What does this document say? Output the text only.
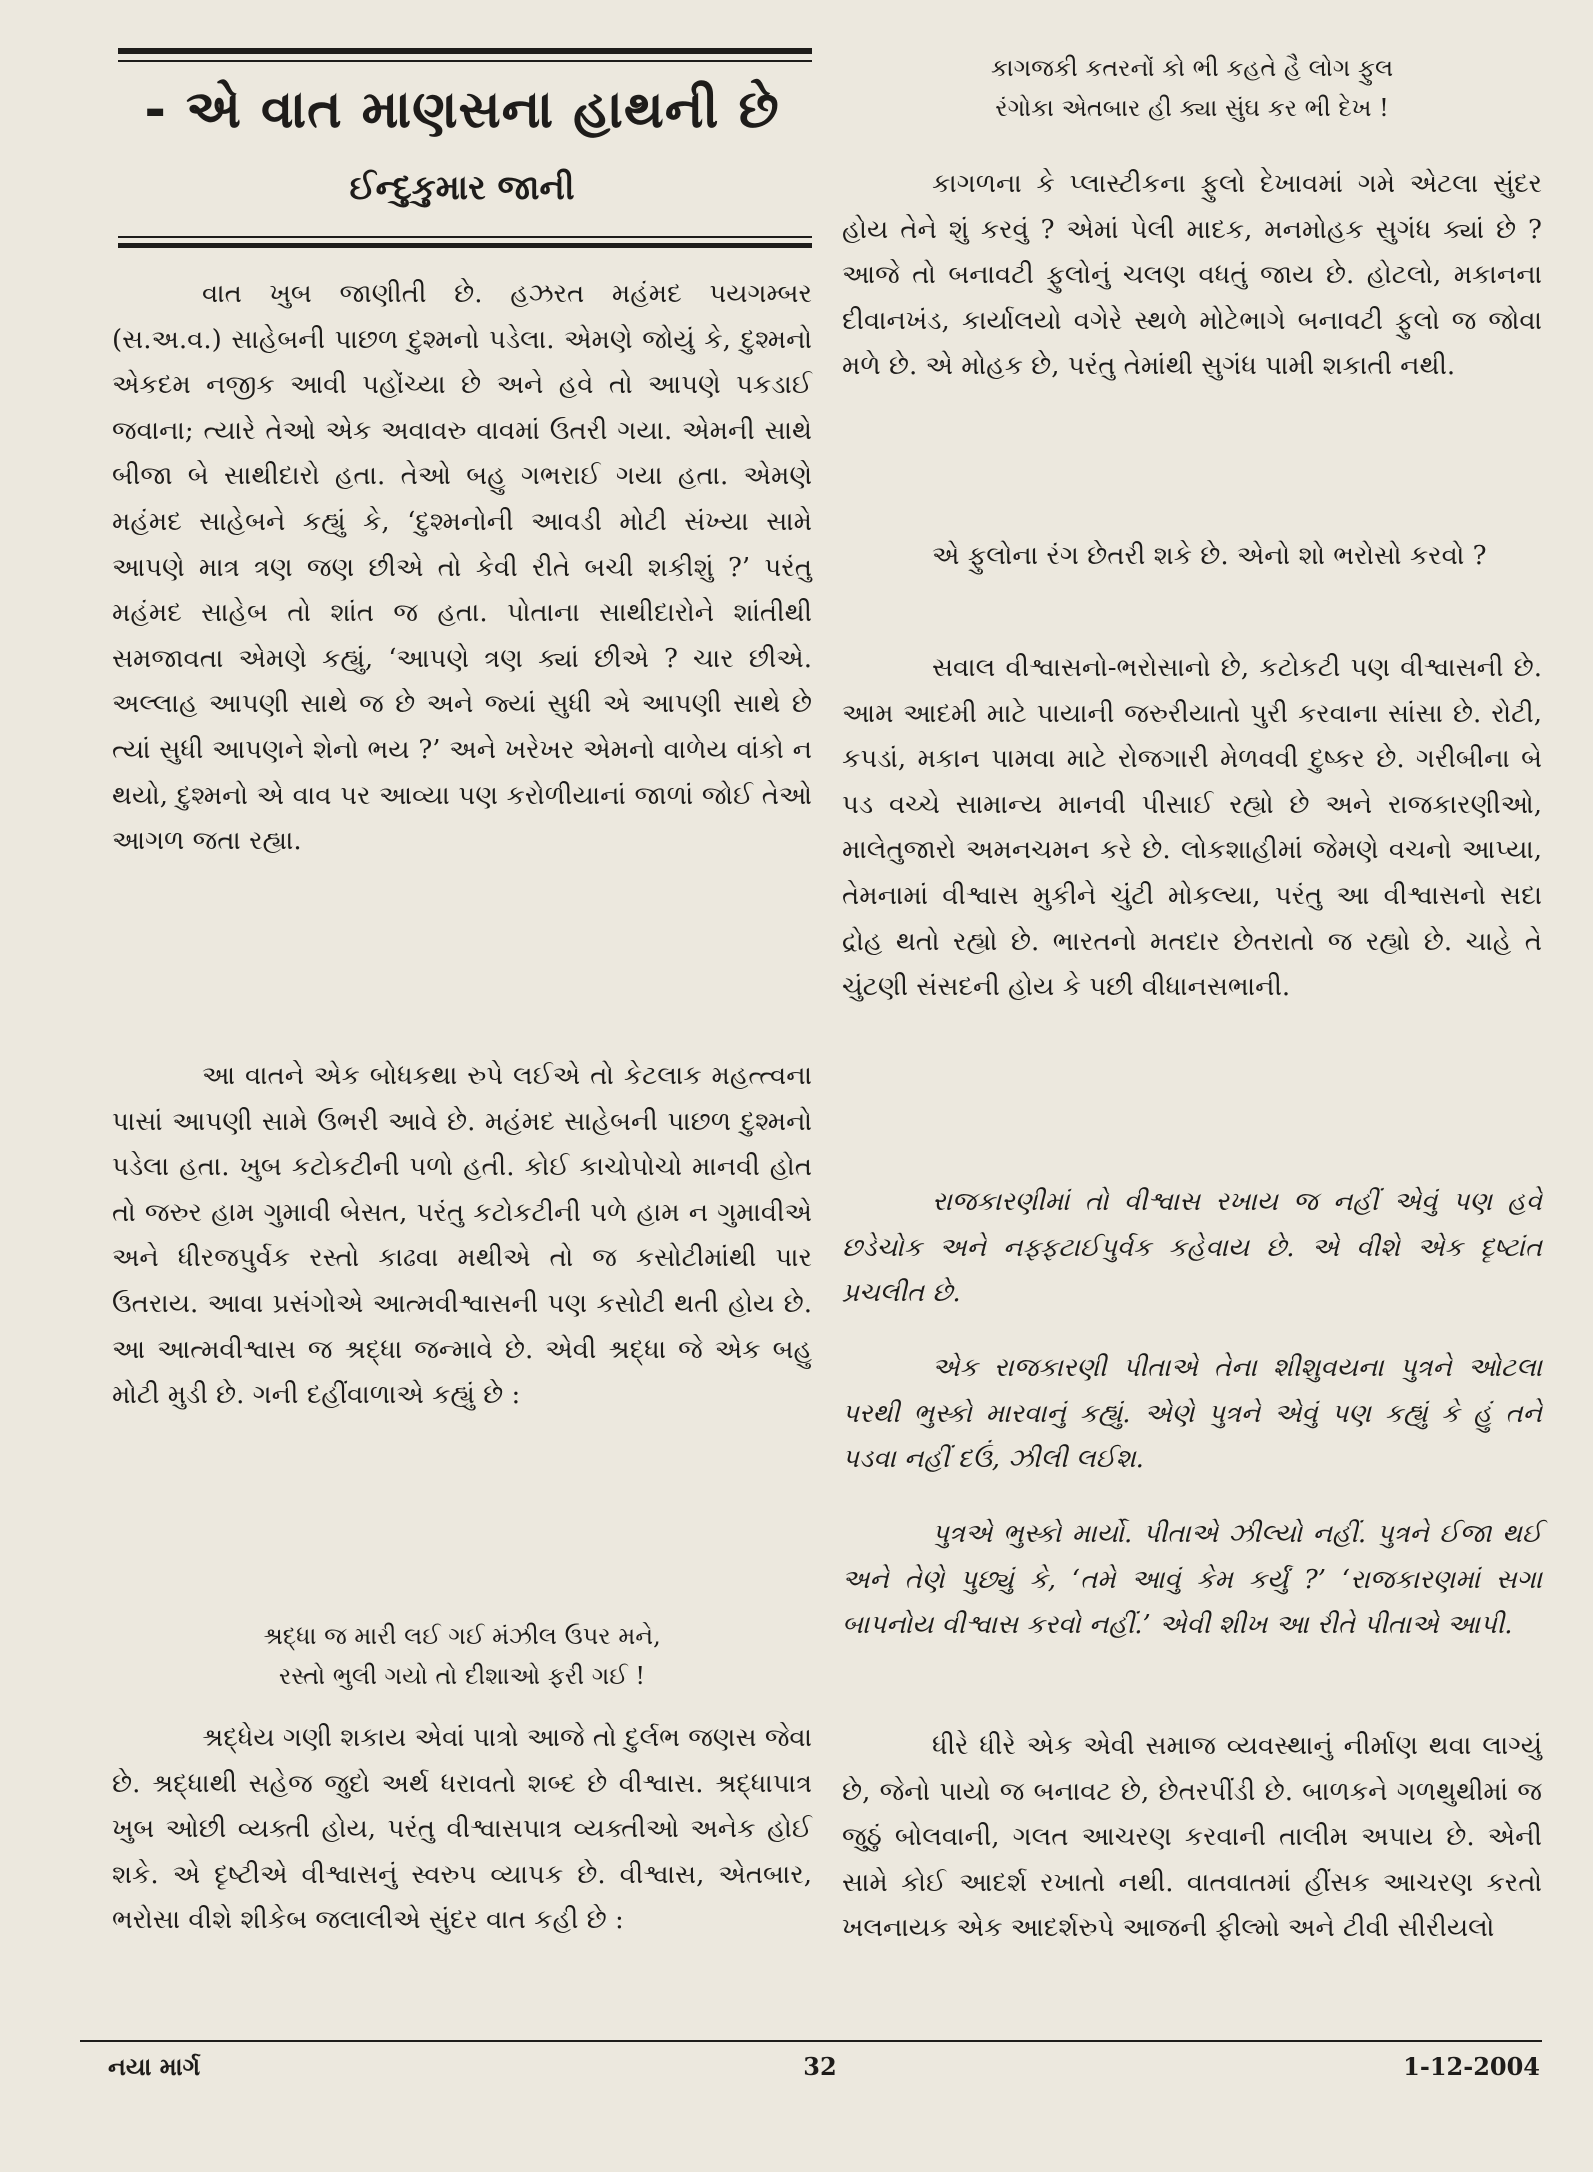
- એ વાત માણસના હાથની છે
ઈન્દુકુમાર જાની

વાત ખુબ જાણીતી છે. હઝરત મહંમદ પયગમ્બર (સ.અ.વ.) સાહેબની પાછળ દુશ્મનો પડેલા. એમણે જોયું કે, દુશ્મનો એકદમ નજીક આવી પહોંચ્યા છે અને હવે તો આપણે પકડાઈ જવાના; ત્યારે તેઓ એક અવાવરુ વાવમાં ઉતરી ગયા. એમની સાથે બીજા બે સાથીદારો હતા. તેઓ બહુ ગભરાઈ ગયા હતા. એમણે મહંમદ સાહેબને કહ્યું કે, ‘દુશ્મનોની આવડી મોટી સંખ્યા સામે આપણે માત્ર ત્રણ જણ છીએ તો કેવી રીતે બચી શકીશું ?’ પરંતુ મહંમદ સાહેબ તો શાંત જ હતા. પોતાના સાથીદારોને શાંતીથી સમજાવતા એમણે કહ્યું, ‘આપણે ત્રણ ક્યાં છીએ ? ચાર છીએ. અલ્લાહ આપણી સાથે જ છે અને જ્યાં સુધી એ આપણી સાથે છે ત્યાં સુધી આપણને શેનો ભય ?’ અને ખરેખર એમનો વાળેય વાંકો ન થયો, દુશ્મનો એ વાવ પર આવ્યા પણ કરોળીયાનાં જાળાં જોઈ તેઓ આગળ જતા રહ્યા.

આ વાતને એક બોધકથા રુપે લઈએ તો કેટલાક મહત્ત્વના પાસાં આપણી સામે ઉભરી આવે છે. મહંમદ સાહેબની પાછળ દુશ્મનો પડેલા હતા. ખુબ કટોકટીની પળો હતી. કોઈ કાચોપોચો માનવી હોત તો જરુર હામ ગુમાવી બેસત, પરંતુ કટોકટીની પળે હામ ન ગુમાવીએ અને ધીરજપુર્વક રસ્તો કાઢવા મથીએ તો જ કસોટીમાંથી પાર ઉતરાય. આવા પ્રસંગોએ આત્મવીશ્વાસની પણ કસોટી થતી હોય છે. આ આત્મવીશ્વાસ જ શ્રદ્ધા જન્માવે છે. એવી શ્રદ્ધા જે એક બહુ મોટી મુડી છે. ગની દહીંવાળાએ કહ્યું છે :

શ્રદ્ધા જ મારી લઈ ગઈ મંઝીલ ઉપર મને,
રસ્તો ભુલી ગયો તો દીશાઓ ફરી ગઈ !

શ્રદ્ધેય ગણી શકાય એવાં પાત્રો આજે તો દુર્લભ જણસ જેવા છે. શ્રદ્ધાથી સહેજ જુદો અર્થ ધરાવતો શબ્દ છે વીશ્વાસ. શ્રદ્ધાપાત્ર ખુબ ઓછી વ્યક્તી હોય, પરંતુ વીશ્વાસપાત્ર વ્યક્તીઓ અનેક હોઈ શકે. એ દૃષ્ટીએ વીશ્વાસનું સ્વરુપ વ્યાપક છે. વીશ્વાસ, એતબાર, ભરોસા વીશે શીકેબ જલાલીએ સુંદર વાત કહી છે :

કાગજકી કતરનોં કો ભી કહતે હૈ લોગ ફુલ
રંગોકા એતબાર હી ક્યા સુંઘ કર ભી દેખ !

કાગળના કે પ્લાસ્ટીકના ફુલો દેખાવમાં ગમે એટલા સુંદર હોય તેને શું કરવું ? એમાં પેલી માદક, મનમોહક સુગંધ ક્યાં છે ? આજે તો બનાવટી ફુલોનું ચલણ વધતું જાય છે. હોટલો, મકાનના દીવાનખંડ, કાર્યાલયો વગેરે સ્થળે મોટેભાગે બનાવટી ફુલો જ જોવા મળે છે. એ મોહક છે, પરંતુ તેમાંથી સુગંધ પામી શકાતી નથી.

એ ફુલોના રંગ છેતરી શકે છે. એનો શો ભરોસો કરવો ?

સવાલ વીશ્વાસનો-ભરોસાનો છે, કટોકટી પણ વીશ્વાસની છે. આમ આદમી માટે પાયાની જરુરીયાતો પુરી કરવાના સાંસા છે. રોટી, કપડાં, મકાન પામવા માટે રોજગારી મેળવવી દુષ્કર છે. ગરીબીના બે પડ વચ્ચે સામાન્ય માનવી પીસાઈ રહ્યો છે અને રાજકારણીઓ, માલેતુજારો અમનચમન કરે છે. લોકશાહીમાં જેમણે વચનો આપ્યા, તેમનામાં વીશ્વાસ મુકીને ચુંટી મોકલ્યા, પરંતુ આ વીશ્વાસનો સદા દ્રોહ થતો રહ્યો છે. ભારતનો મતદાર છેતરાતો જ રહ્યો છે. ચાહે તે ચુંટણી સંસદની હોય કે પછી વીધાનસભાની.

રાજકારણીમાં તો વીશ્વાસ રખાય જ નહીં એવું પણ હવે છડેચોક અને નફ્ફટાઈપુર્વક કહેવાય છે. એ વીશે એક દૃષ્ટાંત પ્રચલીત છે.

એક રાજકારણી પીતાએ તેના શીશુવયના પુત્રને ઓટલા પરથી ભુસ્કો મારવાનું કહ્યું. એણે પુત્રને એવું પણ કહ્યું કે હું તને પડવા નહીં દઉં, ઝીલી લઈશ.

પુત્રએ ભુસ્કો માર્યો. પીતાએ ઝીલ્યો નહીં. પુત્રને ઈજા થઈ અને તેણે પુછ્યું કે, ‘તમે આવું કેમ કર્યું ?’ ‘રાજકારણમાં સગા બાપનોય વીશ્વાસ કરવો નહીં.’ એવી શીખ આ રીતે પીતાએ આપી.

ધીરે ધીરે એક એવી સમાજ વ્યવસ્થાનું નીર્માણ થવા લાગ્યું છે, જેનો પાયો જ બનાવટ છે, છેતરપીંડી છે. બાળકને ગળથુથીમાં જ જુઠું બોલવાની, ગલત આચરણ કરવાની તાલીમ અપાય છે. એની સામે કોઈ આદર્શ રખાતો નથી. વાતવાતમાં હીંસક આચરણ કરતો ખલનાયક એક આદર્શરુપે આજની ફીલ્મો અને ટીવી સીરીયલો

નયા માર્ગ	32	1-12-2004
